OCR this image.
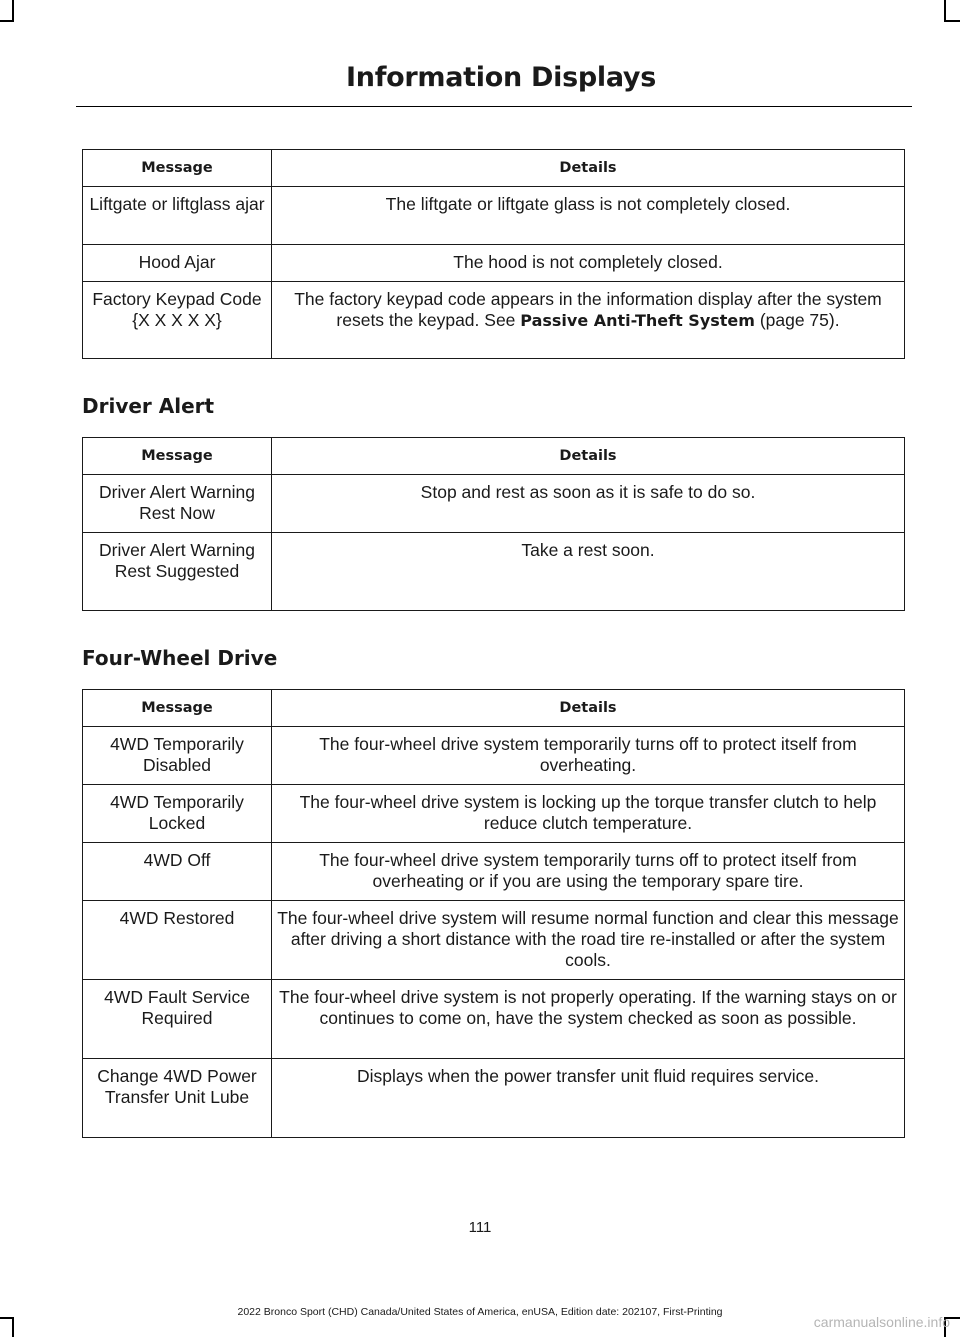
Information Displays
Message	Details
Liftgate or liftglass ajar	The liftgate or liftgate glass is not completely closed.
Hood Ajar	The hood is not completely closed.
Factory Keypad Code {X X X X X}	The factory keypad code appears in the information display after the system resets the keypad. See Passive Anti-Theft System (page 75).
Driver Alert
Message	Details
Driver Alert Warning Rest Now	Stop and rest as soon as it is safe to do so.
Driver Alert Warning Rest Suggested	Take a rest soon.
Four-Wheel Drive
Message	Details
4WD Temporarily Disabled	The four-wheel drive system temporarily turns off to protect itself from overheating.
4WD Temporarily Locked	The four-wheel drive system is locking up the torque transfer clutch to help reduce clutch temperature.
4WD Off	The four-wheel drive system temporarily turns off to protect itself from overheating or if you are using the temporary spare tire.
4WD Restored	The four-wheel drive system will resume normal function and clear this message after driving a short distance with the road tire re-installed or after the system cools.
4WD Fault Service Required	The four-wheel drive system is not properly operating. If the warning stays on or continues to come on, have the system checked as soon as possible.
Change 4WD Power Transfer Unit Lube	Displays when the power transfer unit fluid requires service.
111
2022 Bronco Sport (CHD) Canada/United States of America, enUSA, Edition date: 202107, First-Printing
carmanualsonline.info
